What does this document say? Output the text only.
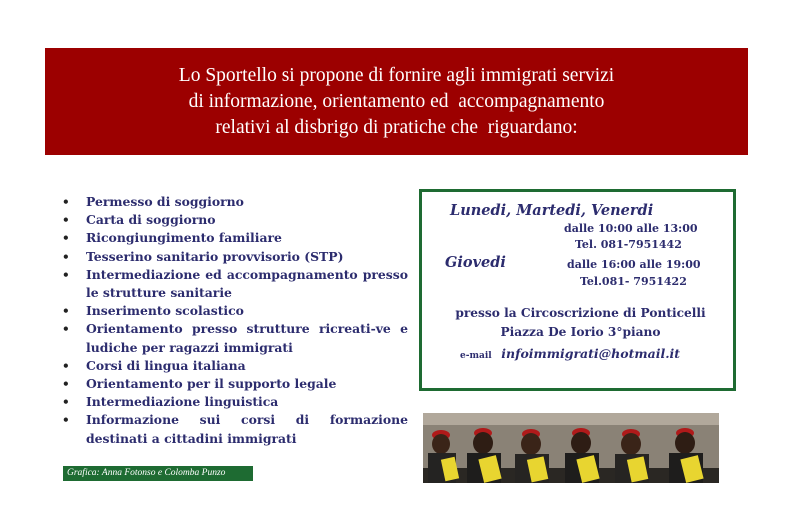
Lo Sportello si propone di fornire agli immigrati servizi
di informazione, orientamento ed  accompagnamento
relativi al disbrigo di pratiche che  riguardano:
• Permesso di soggiorno
• Carta di soggiorno
• Ricongiungimento familiare
• Tesserino sanitario provvisorio (STP)
• Intermediazione ed accompagnamento presso le strutture sanitarie
• Inserimento scolastico
• Orientamento presso strutture ricreati-ve e ludiche per ragazzi immigrati
• Corsi di lingua italiana
• Orientamento per il supporto legale
• Intermediazione linguistica
• Informazione sui corsi di formazione destinati a cittadini immigrati
Lunedi, Martedi, Venerdi
dalle 10:00 alle 13:00
Tel. 081-7951442
Giovedi	dalle 16:00 alle 19:00
Tel.081- 7951422
presso la Circoscrizione di Ponticelli
Piazza De Iorio 3°piano
e-mail infoimmigrati@hotmail.it
Grafica: Anna Fotonso e Colomba Punzo
